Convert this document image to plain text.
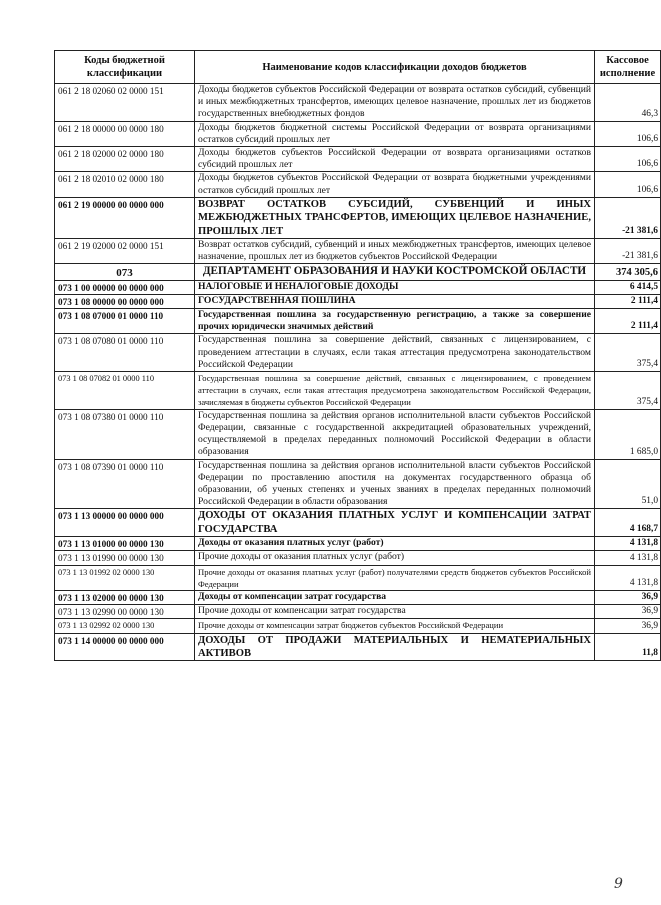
Коды бюджетной классификации	Наименование кодов классификации доходов бюджетов	Кассовое исполнение
061 2 18 02060 02 0000 151	Доходы бюджетов субъектов Российской Федерации от возврата остатков субсидий, субвенций и иных межбюджетных трансфертов, имеющих целевое назначение, прошлых лет из бюджетов государственных внебюджетных фондов	46,3
061 2 18 00000 00 0000 180	Доходы бюджетов бюджетной системы Российской Федерации от возврата организациями остатков субсидий прошлых лет	106,6
061 2 18 02000 02 0000 180	Доходы бюджетов субъектов Российской Федерации от возврата организациями остатков субсидий прошлых лет	106,6
061 2 18 02010 02 0000 180	Доходы бюджетов субъектов Российской Федерации от возврата бюджетными учреждениями остатков субсидий прошлых лет	106,6
061 2 19 00000 00 0000 000	ВОЗВРАТ ОСТАТКОВ СУБСИДИЙ, СУБВЕНЦИЙ И ИНЫХ МЕЖБЮДЖЕТНЫХ ТРАНСФЕРТОВ, ИМЕЮЩИХ ЦЕЛЕВОЕ НАЗНАЧЕНИЕ, ПРОШЛЫХ ЛЕТ	-21 381,6
061 2 19 02000 02 0000 151	Возврат остатков субсидий, субвенций и иных межбюджетных трансфертов, имеющих целевое назначение, прошлых лет из бюджетов субъектов Российской Федерации	-21 381,6
073	ДЕПАРТАМЕНТ ОБРАЗОВАНИЯ И НАУКИ КОСТРОМСКОЙ ОБЛАСТИ	374 305,6
073 1 00 00000 00 0000 000	НАЛОГОВЫЕ И НЕНАЛОГОВЫЕ ДОХОДЫ	6 414,5
073 1 08 00000 00 0000 000	ГОСУДАРСТВЕННАЯ ПОШЛИНА	2 111,4
073 1 08 07000 01 0000 110	Государственная пошлина за государственную регистрацию, а также за совершение прочих юридически значимых действий	2 111,4
073 1 08 07080 01 0000 110	Государственная пошлина за совершение действий, связанных с лицензированием, с проведением аттестации в случаях, если такая аттестация предусмотрена законодательством Российской Федерации	375,4
073 1 08 07082 01 0000 110	Государственная пошлина за совершение действий, связанных с лицензированием, с проведением аттестации в случаях, если такая аттестация предусмотрена законодательством Российской Федерации, зачисляемая в бюджеты субъектов Российской Федерации	375,4
073 1 08 07380 01 0000 110	Государственная пошлина за действия органов исполнительной власти субъектов Российской Федерации, связанные с государственной аккредитацией образовательных учреждений, осуществляемой в пределах переданных полномочий Российской Федерации в области образования	1 685,0
073 1 08 07390 01 0000 110	Государственная пошлина за действия органов исполнительной власти субъектов Российской Федерации по проставлению апостиля на документах государственного образца об образовании, об ученых степенях и ученых званиях в пределах переданных полномочий Российской Федерации в области образования	51,0
073 1 13 00000 00 0000 000	ДОХОДЫ ОТ ОКАЗАНИЯ ПЛАТНЫХ УСЛУГ И КОМПЕНСАЦИИ ЗАТРАТ ГОСУДАРСТВА	4 168,7
073 1 13 01000 00 0000 130	Доходы от оказания платных услуг (работ)	4 131,8
073 1 13 01990 00 0000 130	Прочие доходы от оказания платных услуг (работ)	4 131,8
073 1 13 01992 02 0000 130	Прочие доходы от оказания платных услуг (работ) получателями средств бюджетов субъектов Российской Федерации	4 131,8
073 1 13 02000 00 0000 130	Доходы от компенсации затрат государства	36,9
073 1 13 02990 00 0000 130	Прочие доходы от компенсации затрат государства	36,9
073 1 13 02992 02 0000 130	Прочие доходы от компенсации затрат бюджетов субъектов Российской Федерации	36,9
073 1 14 00000 00 0000 000	ДОХОДЫ ОТ ПРОДАЖИ МАТЕРИАЛЬНЫХ И НЕМАТЕРИАЛЬНЫХ АКТИВОВ	11,8
9
